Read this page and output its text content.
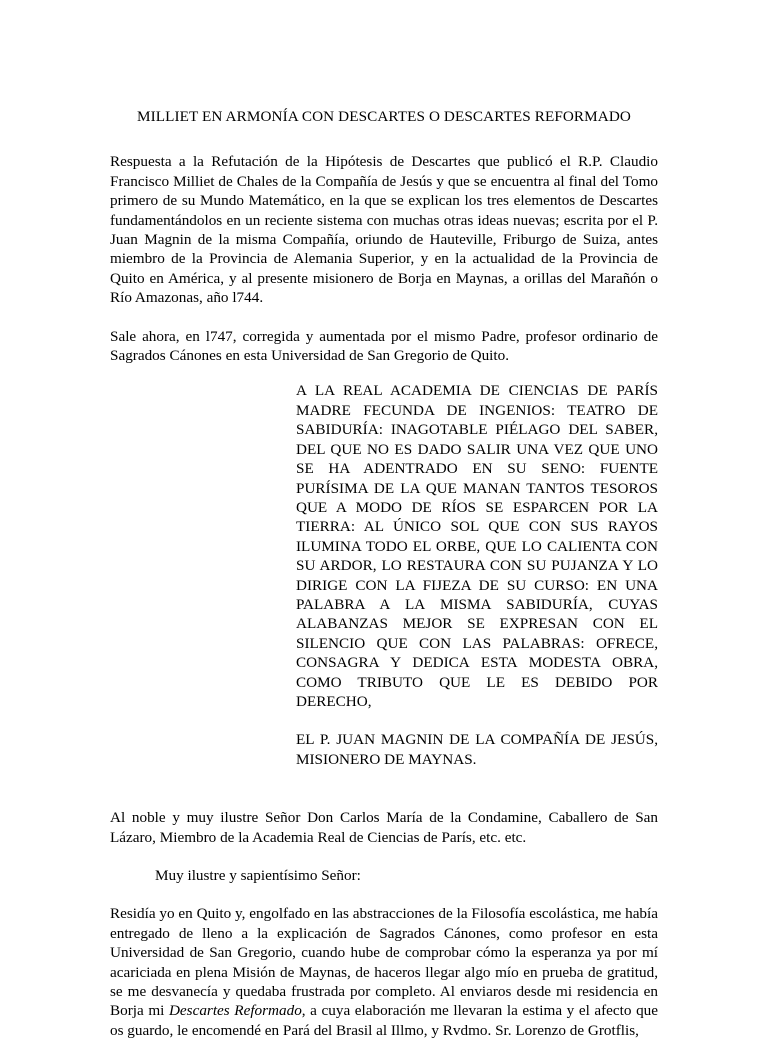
MILLIET EN ARMONÍA CON DESCARTES O DESCARTES REFORMADO

Respuesta a la Refutación de la Hipótesis de Descartes que publicó el R.P. Claudio Francisco Milliet de Chales de la Compañía de Jesús y que se encuentra al final del Tomo primero de su Mundo Matemático, en la que se explican los tres elementos de Descartes fundamentándolos en un reciente sistema con muchas otras ideas nuevas; escrita por el P. Juan Magnin de la misma Compañía, oriundo de Hauteville, Friburgo de Suiza, antes miembro de la Provincia de Alemania Superior, y en la actualidad de la Provincia de Quito en América, y al presente misionero de Borja en Maynas, a orillas del Marañón o Río Amazonas, año l744.

Sale ahora, en l747, corregida y aumentada por el mismo Padre, profesor ordinario de Sagrados Cánones en esta Universidad de San Gregorio de Quito.

A LA REAL ACADEMIA DE CIENCIAS DE PARÍS MADRE FECUNDA DE INGENIOS: TEATRO DE SABIDURÍA: INAGOTABLE PIÉLAGO DEL SABER, DEL QUE NO ES DADO SALIR UNA VEZ QUE UNO SE HA ADENTRADO EN SU SENO: FUENTE PURÍSIMA DE LA QUE MANAN TANTOS TESOROS QUE A MODO DE RÍOS SE ESPARCEN POR LA TIERRA: AL ÚNICO SOL QUE CON SUS RAYOS ILUMINA TODO EL ORBE, QUE LO CALIENTA CON SU ARDOR, LO RESTAURA CON SU PUJANZA Y LO DIRIGE CON LA FIJEZA DE SU CURSO: EN UNA PALABRA A LA MISMA SABIDURÍA, CUYAS ALABANZAS MEJOR SE EXPRESAN CON EL SILENCIO QUE CON LAS PALABRAS: OFRECE, CONSAGRA Y DEDICA ESTA MODESTA OBRA, COMO TRIBUTO QUE LE ES DEBIDO POR DERECHO,

EL P. JUAN MAGNIN DE LA COMPAÑÍA DE JESÚS, MISIONERO DE MAYNAS.

Al noble y muy ilustre Señor Don Carlos María de la Condamine, Caballero de San Lázaro, Miembro de la Academia Real de Ciencias de París, etc. etc.

Muy ilustre y sapientísimo Señor:

Residía yo en Quito y, engolfado en las abstracciones de la Filosofía escolástica, me había entregado de lleno a la explicación de Sagrados Cánones, como profesor en esta Universidad de San Gregorio, cuando hube de comprobar cómo la esperanza ya por mí acariciada en plena Misión de Maynas, de haceros llegar algo mío en prueba de gratitud, se me desvanecía y quedaba frustrada por completo. Al enviaros desde mi residencia en Borja mi Descartes Reformado, a cuya elaboración me llevaran la estima y el afecto que os guardo, le encomendé en Pará del Brasil al Illmo, y Rvdmo. Sr. Lorenzo de Grotflis,
